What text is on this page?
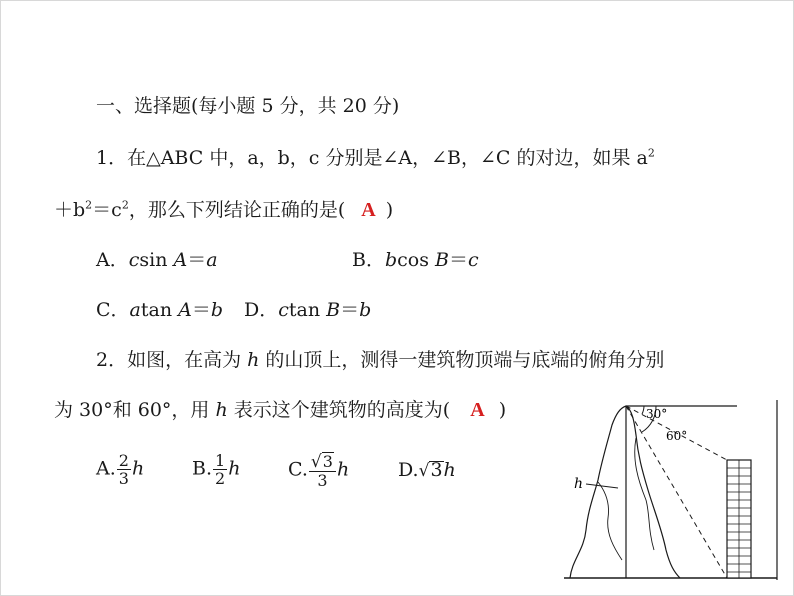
一、选择题(每小题 5 分，共 20 分)
1．在△ABC 中，a，b，c 分别是∠A，∠B，∠C 的对边，如果 $a^2$
$+b^2=c^2$，那么下列结论正确的是( A )
A．csin A＝a	B．bcos B＝c
C．atan A＝b D．ctan B＝b
2．如图，在高为 h 的山顶上，测得一建筑物顶端与底端的俯角分别
为 30°和 60°，用 h 表示这个建筑物的高度为( A )
A. $\frac{2}{3}$ h	B. $\frac{1}{2}$ h	C. $\frac{√3}{3}$ h	D.√3h
30°
60°
h
